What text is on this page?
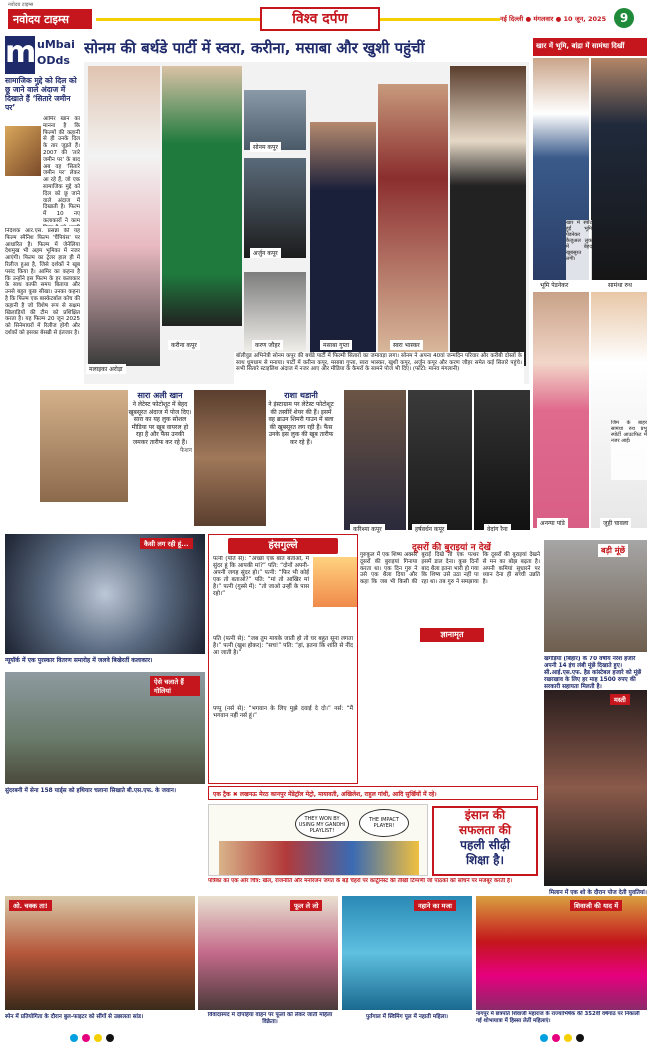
नवोदय टाइम्स
नवोदय टाइम्स	विश्व दर्पण	नई दिल्ली ● मंगलवार ● 10 जून, 2025	9
m uMbai
ODds
सामाजिक मुद्दे को दिल को छू जाने वाले अंदाज में दिखाते हैं ‘सितारे जमीन पर’
आमिर खान का मानना है कि फिल्मों की कहानी से ही उनके दिल के तार जुड़ते हैं। 2007 की ‘तारे जमीन पर’ के बाद अब वह ‘सितारे जमीन पर’ लेकर आ रहे हैं, जो एक सामाजिक मुद्दे को दिल को छू जाने वाले अंदाज में दिखाती है। फिल्म में 10 नए कलाकारों ने काम
निर्देशक आर.एस. प्रसन्ना की यह फिल्म स्पैनिश फिल्म ‘चैंपियंस’ पर आधारित है। फिल्म में जेनेलिया देशमुख भी अहम भूमिका में नजर आएंगी। फिल्म का ट्रेलर हाल ही में रिलीज हुआ है, जिसे दर्शकों ने खूब पसंद किया है। आमिर का कहना है कि उन्होंने इस फिल्म के हर कलाकार के साथ काफी समय बिताया और उनसे बहुत कुछ सीखा। उनका कहना है कि फिल्म एक बास्केटबॉल कोच की कहानी है जो विशेष रूप से सक्षम खिलाड़ियों की टीम को प्रशिक्षित करता है। यह फिल्म 20 जून 2025 को सिनेमाघरों में रिलीज होगी और दर्शकों को इसका बेसब्री से इंतजार है।
सोनम की बर्थडे पार्टी में स्वरा, करीना, मसाबा और खुशी पहुंचीं
सोनम कपूर
अर्जुन कपूर
करण जौहर	मसाबा गुप्ता	स्वरा भास्कर
करीना कपूर
मलाइका अरोड़ा
बॉलीवुड अभिनेत्री सोनम कपूर की बर्थडे पार्टी में फिल्मी सितारों का जमावड़ा लगा। सोनम ने अपना 40वां जन्मदिन परिवार और करीबी दोस्तों के साथ धूमधाम से मनाया। पार्टी में करीना कपूर, मसाबा गुप्ता, स्वरा भास्कर, खुशी कपूर, अर्जुन कपूर और करण जौहर समेत कई सितारे पहुंचे। सभी सितारे स्टाइलिश अंदाज में नजर आए और मीडिया के कैमरों के सामने पोज भी दिए। (फोटो: मानव मंगलानी)
खार में भूमि, बांद्रा में सामंथा दिखीं
खार में स्पॉट हुईं भूमि पेडनेकर कैजुअल लुक में बेहद खूबसूरत लगीं।
भूमि पेडनेकर	सामंथा रुथ
जिम के बाहर सामंथा रुथ प्रभु स्पोर्टी आउटफिट में नजर आईं।
अनन्या पांडे	जुही चावला
सारा अली खान
ने लेटेस्ट फोटोशूट में बेहद खूबसूरत अंदाज में पोज दिए। सारा का यह लुक सोशल मीडिया पर खूब वायरल हो रहा है और फैंस उनकी जमकर तारीफ कर रहे हैं।
फैशन
राशा थडानी
ने इंस्टाग्राम पर लेटेस्ट फोटोशूट की तस्वीरें शेयर की हैं। इसमें वह ब्राउन शिमरी गाउन में बला की खूबसूरत लग रही हैं। फैंस उनके इस लुक की खूब तारीफ कर रहे हैं।
करिश्मा कपूर	हर्षवर्धन कपूर	वेदांग रैना
कैसी लग रही हूं...
न्यूयॉर्क में एक पुरस्कार वितरण समारोह में जलवे बिखेरतीं कलाकार।
ऐसे चलाते हैं गोलियां
सुंदरबनी में सेना 158 यार्ड्स को हथियार चलाना सिखाते बी.एस.एफ. के जवान।
हंसगुल्ले
पत्नी (पति से): “अच्छा एक बात बताओ, मैं सुंदर हूं कि आपकी मां?” पति: “दोनों अपनी-अपनी जगह सुंदर हो।” पत्नी: “फिर भी कोई एक तो बताओ?” पति: “मां तो आखिर मां है।” पत्नी (गुस्से में): “तो जाओ उन्हीं के पास रहो।”
पति (पत्नी से): “जब तुम मायके जाती हो तो घर बहुत सूना लगता है।” पत्नी (खुश होकर): “सच!” पति: “हां, इतना कि शांति से नींद आ जाती है।”
पप्पू (नर्स से): “भगवान के लिए मुझे दवाई दे दो।” नर्स: “मैं भगवान नहीं नर्स हूं।”
दूसरों की बुराइयां न देखें
ज्ञानामृत
गुरुकुल में एक शिष्य अक्सर दूसरों की बुराइयां गिनाया करता था। एक दिन गुरु ने उसे एक थैला दिया और कहा कि जब भी किसी की बुराई दिखे तो एक पत्थर इसमें डाल देना। कुछ दिनों बाद थैला इतना भारी हो गया कि शिष्य उसे उठा नहीं पा रहा था। तब गुरु ने समझाया कि दूसरों की बुराइयां देखने से मन का बोझ बढ़ता है। अपनी कमियां सुधारने पर ध्यान देना ही सच्ची उन्नति है।
बड़ी मूंछें
खगड़िया (बिहार) के 70 वर्षीय नरेश हजारे अपनी 14 इंच लंबी मूंछें दिखाते हुए। सी.आई.एस.एफ. हैड कांस्टेबल हजारे को मूंछें रखरखाव के लिए हर माह 1500 रुपए की सरकारी सहायता मिलती है।
एक ट्रैक ✖ लखनऊ मेरठ कानपुर मेंडेट्रॉल मेट्रो, मायावती, अखिलेश, राहुल गांधी, आदि सुर्खियों में रहे।
THEY WON BY USING MY GANDHI PLAYLIST!
THE IMPACT PLAYER!
पत्रिका का एक ओर चित्र: खेल, राजनीति और मनोरंजन जगत के बड़े चेहरों पर कार्टूनिस्ट की तीखी टिप्पणी जो पाठकों को सोचने पर मजबूर करती है।
इंसान की
सफलता की
पहली सीढ़ी
शिक्षा है।
मस्ती
मिलान में एक शो के दौरान पोज देती युवतियां।
ओ. चक्क ता!
स्पेन में प्रतियोगिता के दौरान बुल-फाइटर को सींगों से उछालता सांड।
फूल ले लो
विवादास्पद में दोपहिया वाहन पर फूलों को लेकर जाती महिला विक्रेता।
नहाने का मजा
पुर्तगाल में स्विमिंग पूल में नहाती महिला।
शिवाजी की याद में
नागपुर में छत्रपति शिवाजी महाराज के राज्याभिषेक की 352वीं वर्षगांठ पर निकाली गई शोभायात्रा में हिस्सा लेतीं महिलाएं।
